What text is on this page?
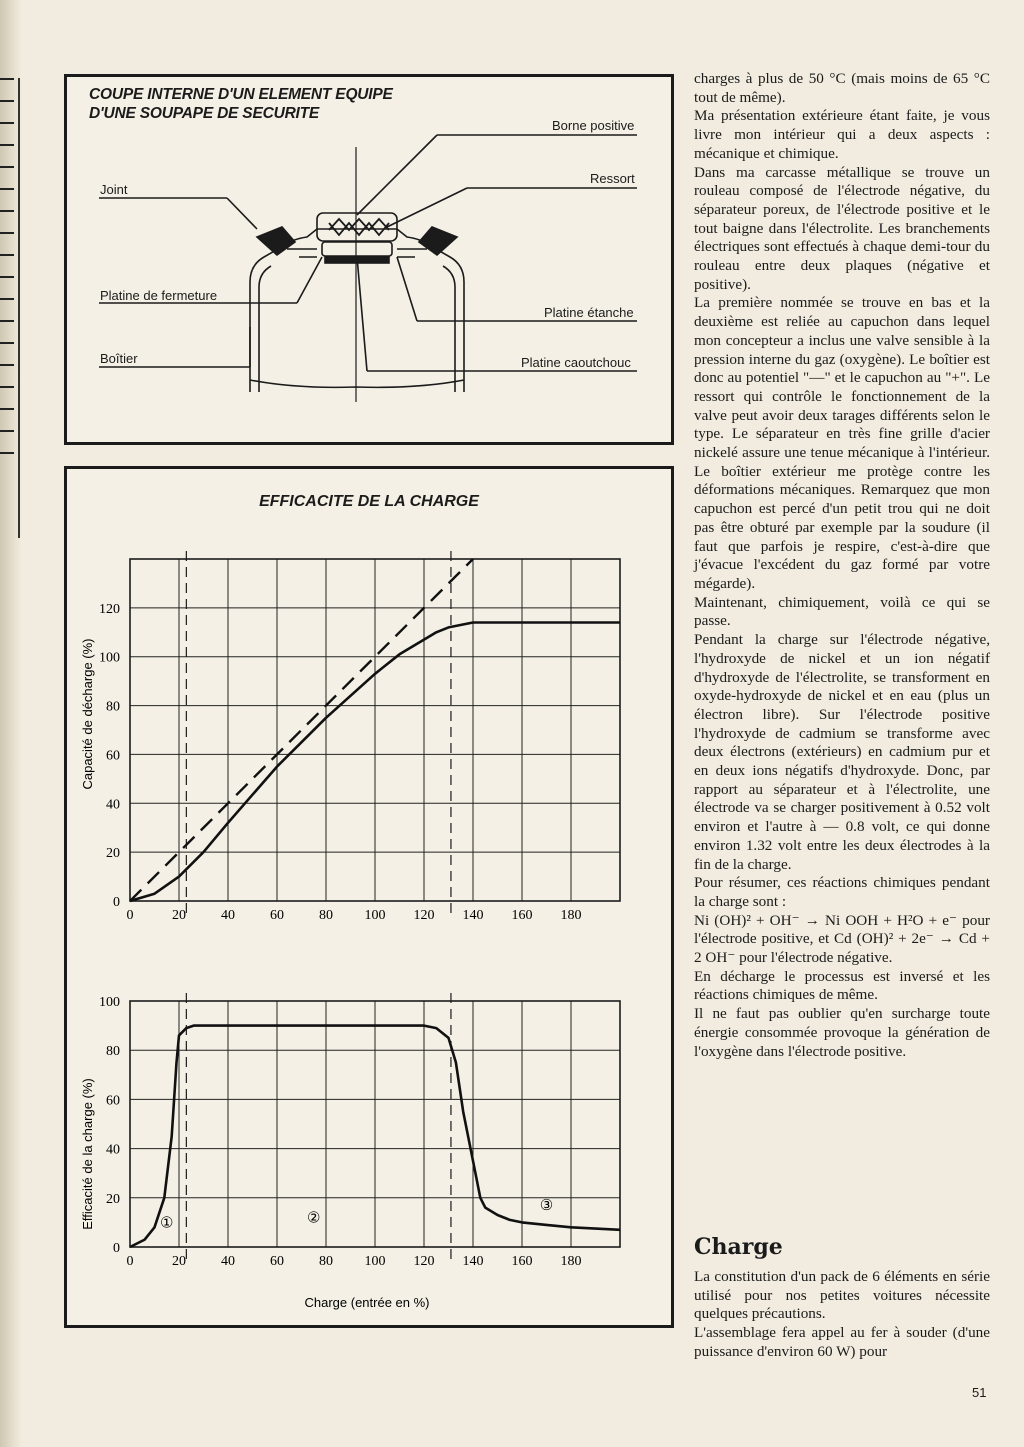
COUPE INTERNE D'UN ELEMENT EQUIPE
D'UNE SOUPAPE DE SECURITE

Joint
Platine de fermeture
Boîtier
Borne positive
Ressort
Platine étanche
Platine caoutchouc
EFFICACITE DE LA CHARGE
0	20	40	60	80 100 120 140 160 180
0
20
40
60
80
100
120
0	20	40	60	80 100 120 140 160 180
0
20
40
60
80
100
①	②
③
Capacité de décharge (%)
Efficacité de la charge (%)
Charge (entrée en %)

charges à plus de 50 °C (mais moins de 65 °C tout de même).

Ma présentation extérieure étant faite, je vous livre mon intérieur qui a deux aspects : mécanique et chimique.

Dans ma carcasse métallique se trouve un rouleau composé de l'électrode négative, du séparateur poreux, de l'électrode positive et le tout baigne dans l'électrolite. Les branchements électriques sont effectués à chaque demi-tour du rouleau entre deux plaques (négative et positive).

La première nommée se trouve en bas et la deuxième est reliée au capuchon dans lequel mon concepteur a inclus une valve sensible à la pression interne du gaz (oxygène). Le boîtier est donc au potentiel "—" et le capuchon au "+". Le ressort qui contrôle le fonctionnement de la valve peut avoir deux tarages différents selon le type. Le séparateur en très fine grille d'acier nickelé assure une tenue mécanique à l'intérieur. Le boîtier extérieur me protège contre les déformations mécaniques. Remarquez que mon capuchon est percé d'un petit trou qui ne doit pas être obturé par exemple par la soudure (il faut que parfois je respire, c'est-à-dire que j'évacue l'excédent du gaz formé par votre mégarde).

Maintenant, chimiquement, voilà ce qui se passe.

Pendant la charge sur l'électrode négative, l'hydroxyde de nickel et un ion négatif d'hydroxyde de l'électrolite, se transforment en oxyde-hydroxyde de nickel et en eau (plus un électron libre). Sur l'électrode positive l'hydroxyde de cadmium se transforme avec deux électrons (extérieurs) en cadmium pur et en deux ions négatifs d'hydroxyde. Donc, par rapport au séparateur et à l'électrolite, une électrode va se charger positivement à 0.52 volt environ et l'autre à — 0.8 volt, ce qui donne environ 1.32 volt entre les deux électrodes à la fin de la charge.

Pour résumer, ces réactions chimiques pendant la charge sont :

Ni (OH)² + OH⁻ → Ni OOH + H²O + e⁻ pour l'électrode positive, et Cd (OH)² + 2e⁻ → Cd + 2 OH⁻ pour l'électrode négative.

En décharge le processus est inversé et les réactions chimiques de même.

Il ne faut pas oublier qu'en surcharge toute énergie consommée provoque la génération de l'oxygène dans l'électrode positive.

Charge

La constitution d'un pack de 6 éléments en série utilisé pour nos petites voitures nécessite quelques précautions.

L'assemblage fera appel au fer à souder (d'une puissance d'environ 60 W) pour

51
